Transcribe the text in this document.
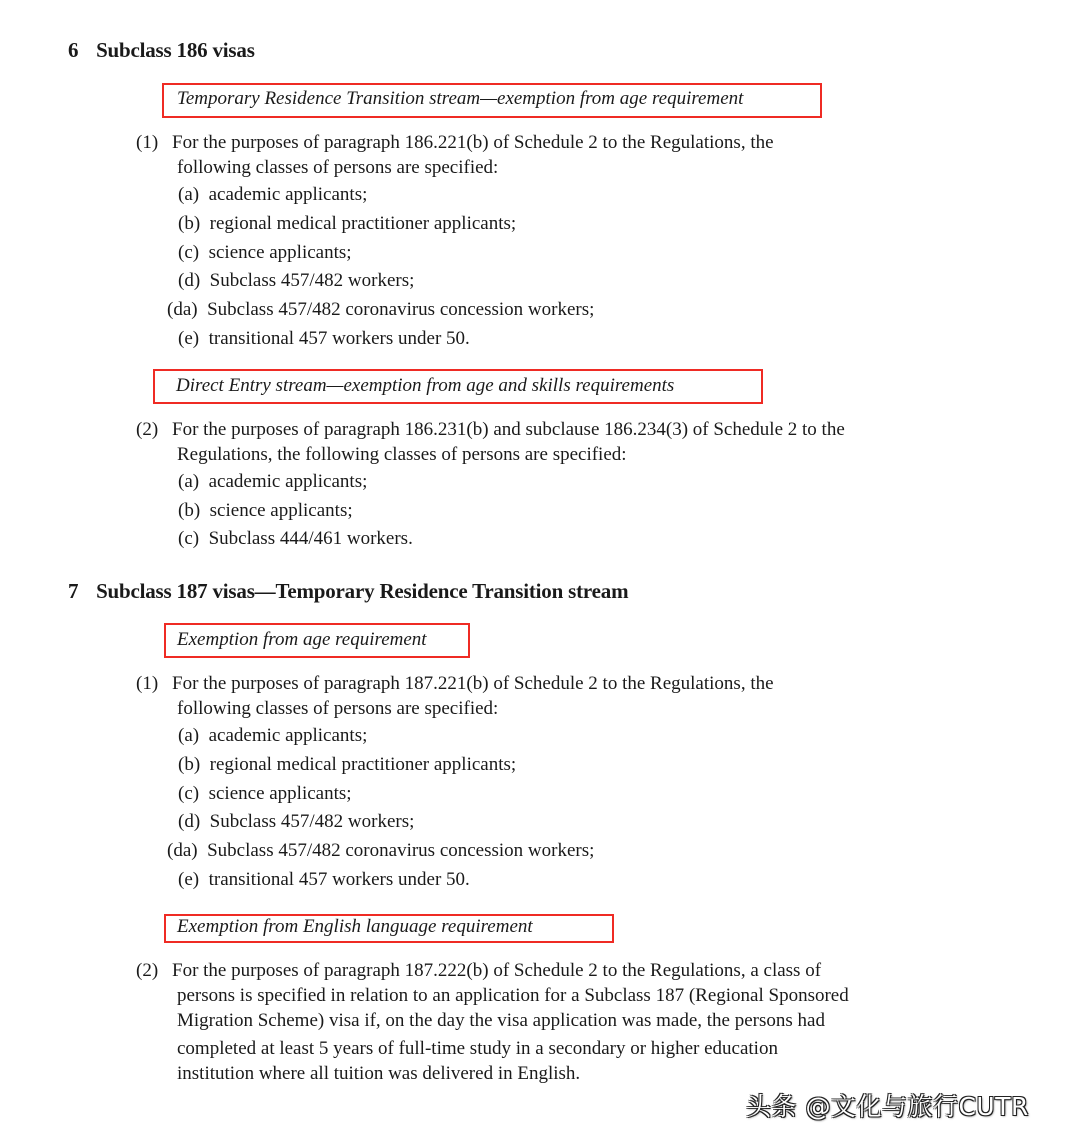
6 Subclass 186 visas
Temporary Residence Transition stream—exemption from age requirement
(1) For the purposes of paragraph 186.221(b) of Schedule 2 to the Regulations, the
following classes of persons are specified:
(a) academic applicants;
(b) regional medical practitioner applicants;
(c) science applicants;
(d) Subclass 457/482 workers;
(da) Subclass 457/482 coronavirus concession workers;
(e) transitional 457 workers under 50.
Direct Entry stream—exemption from age and skills requirements
(2) For the purposes of paragraph 186.231(b) and subclause 186.234(3) of Schedule 2 to the
Regulations, the following classes of persons are specified:
(a) academic applicants;
(b) science applicants;
(c) Subclass 444/461 workers.
7 Subclass 187 visas—Temporary Residence Transition stream
Exemption from age requirement
(1) For the purposes of paragraph 187.221(b) of Schedule 2 to the Regulations, the
following classes of persons are specified:
(a) academic applicants;
(b) regional medical practitioner applicants;
(c) science applicants;
(d) Subclass 457/482 workers;
(da) Subclass 457/482 coronavirus concession workers;
(e) transitional 457 workers under 50.
Exemption from English language requirement
(2) For the purposes of paragraph 187.222(b) of Schedule 2 to the Regulations, a class of
persons is specified in relation to an application for a Subclass 187 (Regional Sponsored
Migration Scheme) visa if, on the day the visa application was made, the persons had
completed at least 5 years of full-time study in a secondary or higher education
institution where all tuition was delivered in English.
头条 @文化与旅行CUTR
